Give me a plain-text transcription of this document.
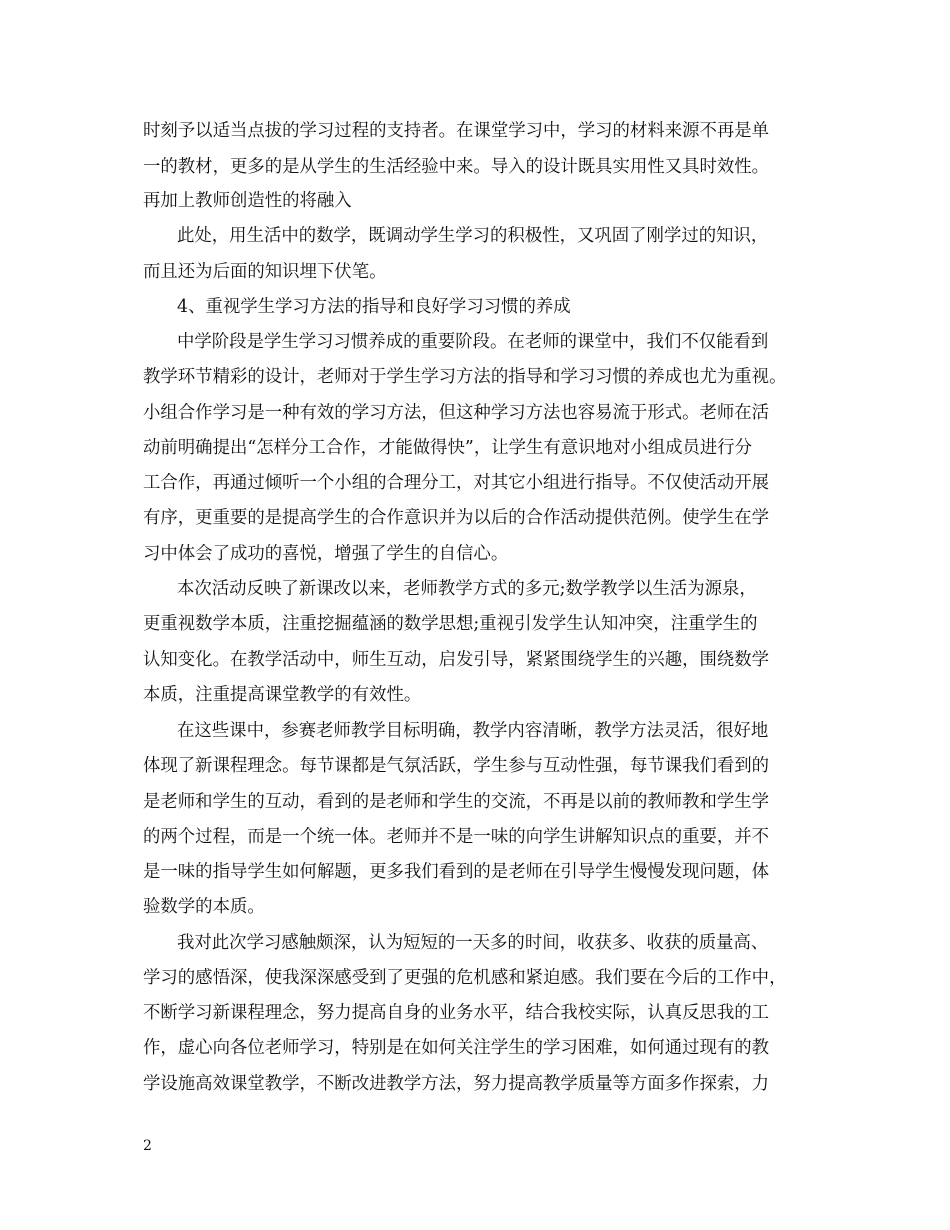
时刻予以适当点拔的学习过程的支持者。在课堂学习中，学习的材料来源不再是单
一的教材，更多的是从学生的生活经验中来。导入的设计既具实用性又具时效性。
再加上教师创造性的将融入
此处，用生活中的数学，既调动学生学习的积极性，又巩固了刚学过的知识，
而且还为后面的知识埋下伏笔。
4、重视学生学习方法的指导和良好学习习惯的养成
中学阶段是学生学习习惯养成的重要阶段。在老师的课堂中，我们不仅能看到
教学环节精彩的设计，老师对于学生学习方法的指导和学习习惯的养成也尤为重视。
小组合作学习是一种有效的学习方法，但这种学习方法也容易流于形式。老师在活
动前明确提出“怎样分工合作，才能做得快”，让学生有意识地对小组成员进行分
工合作，再通过倾听一个小组的合理分工，对其它小组进行指导。不仅使活动开展
有序，更重要的是提高学生的合作意识并为以后的合作活动提供范例。使学生在学
习中体会了成功的喜悦，增强了学生的自信心。
本次活动反映了新课改以来，老师教学方式的多元;数学教学以生活为源泉，
更重视数学本质，注重挖掘蕴涵的数学思想;重视引发学生认知冲突，注重学生的
认知变化。在教学活动中，师生互动，启发引导，紧紧围绕学生的兴趣，围绕数学
本质，注重提高课堂教学的有效性。
在这些课中，参赛老师教学目标明确，教学内容清晰，教学方法灵活，很好地
体现了新课程理念。每节课都是气氛活跃，学生参与互动性强，每节课我们看到的
是老师和学生的互动，看到的是老师和学生的交流，不再是以前的教师教和学生学
的两个过程，而是一个统一体。老师并不是一味的向学生讲解知识点的重要，并不
是一味的指导学生如何解题，更多我们看到的是老师在引导学生慢慢发现问题，体
验数学的本质。
我对此次学习感触颇深，认为短短的一天多的时间，收获多、收获的质量高、
学习的感悟深，使我深深感受到了更强的危机感和紧迫感。我们要在今后的工作中，
不断学习新课程理念，努力提高自身的业务水平，结合我校实际，认真反思我的工
作，虚心向各位老师学习，特别是在如何关注学生的学习困难，如何通过现有的教
学设施高效课堂教学，不断改进教学方法，努力提高教学质量等方面多作探索，力
2
